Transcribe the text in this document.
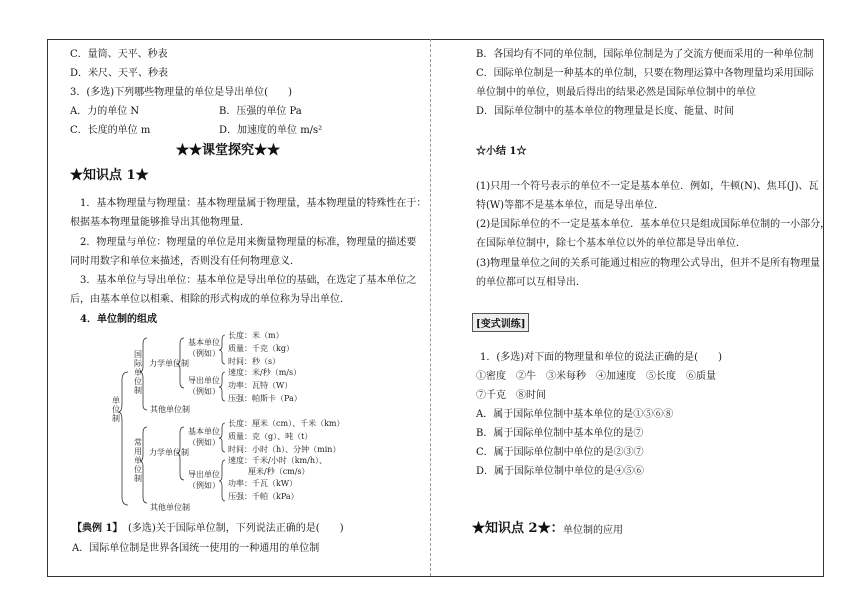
C．量筒、天平、秒表
D．米尺、天平、秒表
3．(多选)下列哪些物理量的单位是导出单位(　　)
A．力的单位 N	B．压强的单位 Pa
C．长度的单位 m	D．加速度的单位 m/s²
★★课堂探究★★
★知识点 1★
1．基本物理量与物理量：基本物理量属于物理量，基本物理量的特殊性在于：
根据基本物理量能够推导出其他物理量．
2．物理量与单位：物理量的单位是用来衡量物理量的标准，物理量的描述要
同时用数字和单位来描述，否则没有任何物理意义．
3．基本单位与导出单位：基本单位是导出单位的基础，在选定了基本单位之
后，由基本单位以相乘、相除的形式构成的单位称为导出单位．
4．单位制的组成
单位制
国际单位制
常用单位制
力学单位制
基本单位
（例如）
长度：米（m）
质量：千克（kg）
时间：秒（s）
导出单位
（例如）
速度：米/秒（m/s）
功率：瓦特（W）
压强：帕斯卡（Pa）
其他单位制
力学单位制
基本单位
（例如）
长度：厘米（cm）、千米（km）
质量：克（g）、吨（t）
时间：小时（h）、分钟（min）
导出单位
（例如）
速度：千米/小时（km/h）、
厘米/秒（cm/s）
功率：千瓦（kW）
压强：千帕（kPa）
其他单位制
【典例 1】 (多选)关于国际单位制，下列说法正确的是(　　)
A．国际单位制是世界各国统一使用的一种通用的单位制
B．各国均有不同的单位制，国际单位制是为了交流方便而采用的一种单位制
C．国际单位制是一种基本的单位制，只要在物理运算中各物理量均采用国际
单位制中的单位，则最后得出的结果必然是国际单位制中的单位
D．国际单位制中的基本单位的物理量是长度、能量、时间
☆小结 1☆
(1)只用一个符号表示的单位不一定是基本单位．例如，牛顿(N)、焦耳(J)、瓦
特(W)等都不是基本单位，而是导出单位．
(2)是国际单位的不一定是基本单位．基本单位只是组成国际单位制的一小部分，
在国际单位制中，除七个基本单位以外的单位都是导出单位．
(3)物理量单位之间的关系可能通过相应的物理公式导出，但并不是所有物理量
的单位都可以互相导出．
[变式训练]
1．(多选)对下面的物理量和单位的说法正确的是(　　)
①密度　②牛　③米每秒　④加速度　⑤长度　⑥质量
⑦千克　⑧时间
A．属于国际单位制中基本单位的是①⑤⑥⑧
B．属于国际单位制中基本单位的是⑦
C．属于国际单位制中单位的是②③⑦
D．属于国际单位制中单位的是④⑤⑥
★知识点 2★： 单位制的应用
